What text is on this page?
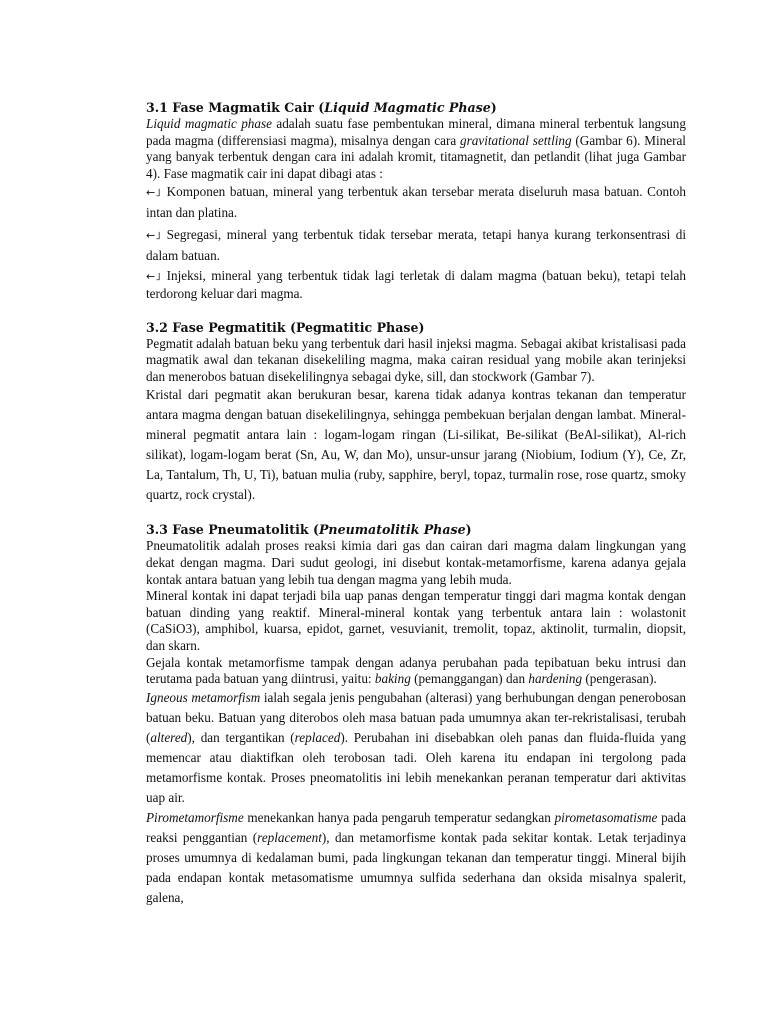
3.1 Fase Magmatik Cair (Liquid Magmatic Phase)

Liquid magmatic phase adalah suatu fase pembentukan mineral, dimana mineral terbentuk langsung pada magma (differensiasi magma), misalnya dengan cara gravitational settling (Gambar 6). Mineral yang banyak terbentuk dengan cara ini adalah kromit, titamagnetit, dan petlandit (lihat juga Gambar 4). Fase magmatik cair ini dapat dibagi atas :

←˩ Komponen batuan, mineral yang terbentuk akan tersebar merata diseluruh masa batuan. Contoh intan dan platina.

←˩ Segregasi, mineral yang terbentuk tidak tersebar merata, tetapi hanya kurang terkonsentrasi di dalam batuan.

←˩ Injeksi, mineral yang terbentuk tidak lagi terletak di dalam magma (batuan beku), tetapi telah terdorong keluar dari magma.

3.2 Fase Pegmatitik (Pegmatitic Phase)

Pegmatit adalah batuan beku yang terbentuk dari hasil injeksi magma. Sebagai akibat kristalisasi pada magmatik awal dan tekanan disekeliling magma, maka cairan residual yang mobile akan terinjeksi dan menerobos batuan disekelilingnya sebagai dyke, sill, dan stockwork (Gambar 7).

Kristal dari pegmatit akan berukuran besar, karena tidak adanya kontras tekanan dan temperatur antara magma dengan batuan disekelilingnya, sehingga pembekuan berjalan dengan lambat. Mineral-mineral pegmatit antara lain : logam-logam ringan (Li-silikat, Be-silikat (BeAl-silikat), Al-rich silikat), logam-logam berat (Sn, Au, W, dan Mo), unsur-unsur jarang (Niobium, Iodium (Y), Ce, Zr, La, Tantalum, Th, U, Ti), batuan mulia (ruby, sapphire, beryl, topaz, turmalin rose, rose quartz, smoky quartz, rock crystal).

3.3 Fase Pneumatolitik (Pneumatolitik Phase)

Pneumatolitik adalah proses reaksi kimia dari gas dan cairan dari magma dalam lingkungan yang dekat dengan magma. Dari sudut geologi, ini disebut kontak-metamorfisme, karena adanya gejala kontak antara batuan yang lebih tua dengan magma yang lebih muda.

Mineral kontak ini dapat terjadi bila uap panas dengan temperatur tinggi dari magma kontak dengan batuan dinding yang reaktif. Mineral-mineral kontak yang terbentuk antara lain : wolastonit (CaSiO3), amphibol, kuarsa, epidot, garnet, vesuvianit, tremolit, topaz, aktinolit, turmalin, diopsit, dan skarn.

Gejala kontak metamorfisme tampak dengan adanya perubahan pada tepibatuan beku intrusi dan terutama pada batuan yang diintrusi, yaitu: baking (pemanggangan) dan hardening (pengerasan).

Igneous metamorfism ialah segala jenis pengubahan (alterasi) yang berhubungan dengan penerobosan batuan beku. Batuan yang diterobos oleh masa batuan pada umumnya akan ter-rekristalisasi, terubah (altered), dan tergantikan (replaced). Perubahan ini disebabkan oleh panas dan fluida-fluida yang memencar atau diaktifkan oleh terobosan tadi. Oleh karena itu endapan ini tergolong pada metamorfisme kontak. Proses pneomatolitis ini lebih menekankan peranan temperatur dari aktivitas uap air.

Pirometamorfisme menekankan hanya pada pengaruh temperatur sedangkan pirometasomatisme pada reaksi penggantian (replacement), dan metamorfisme kontak pada sekitar kontak. Letak terjadinya proses umumnya di kedalaman bumi, pada lingkungan tekanan dan temperatur tinggi. Mineral bijih pada endapan kontak metasomatisme umumnya sulfida sederhana dan oksida misalnya spalerit, galena,
